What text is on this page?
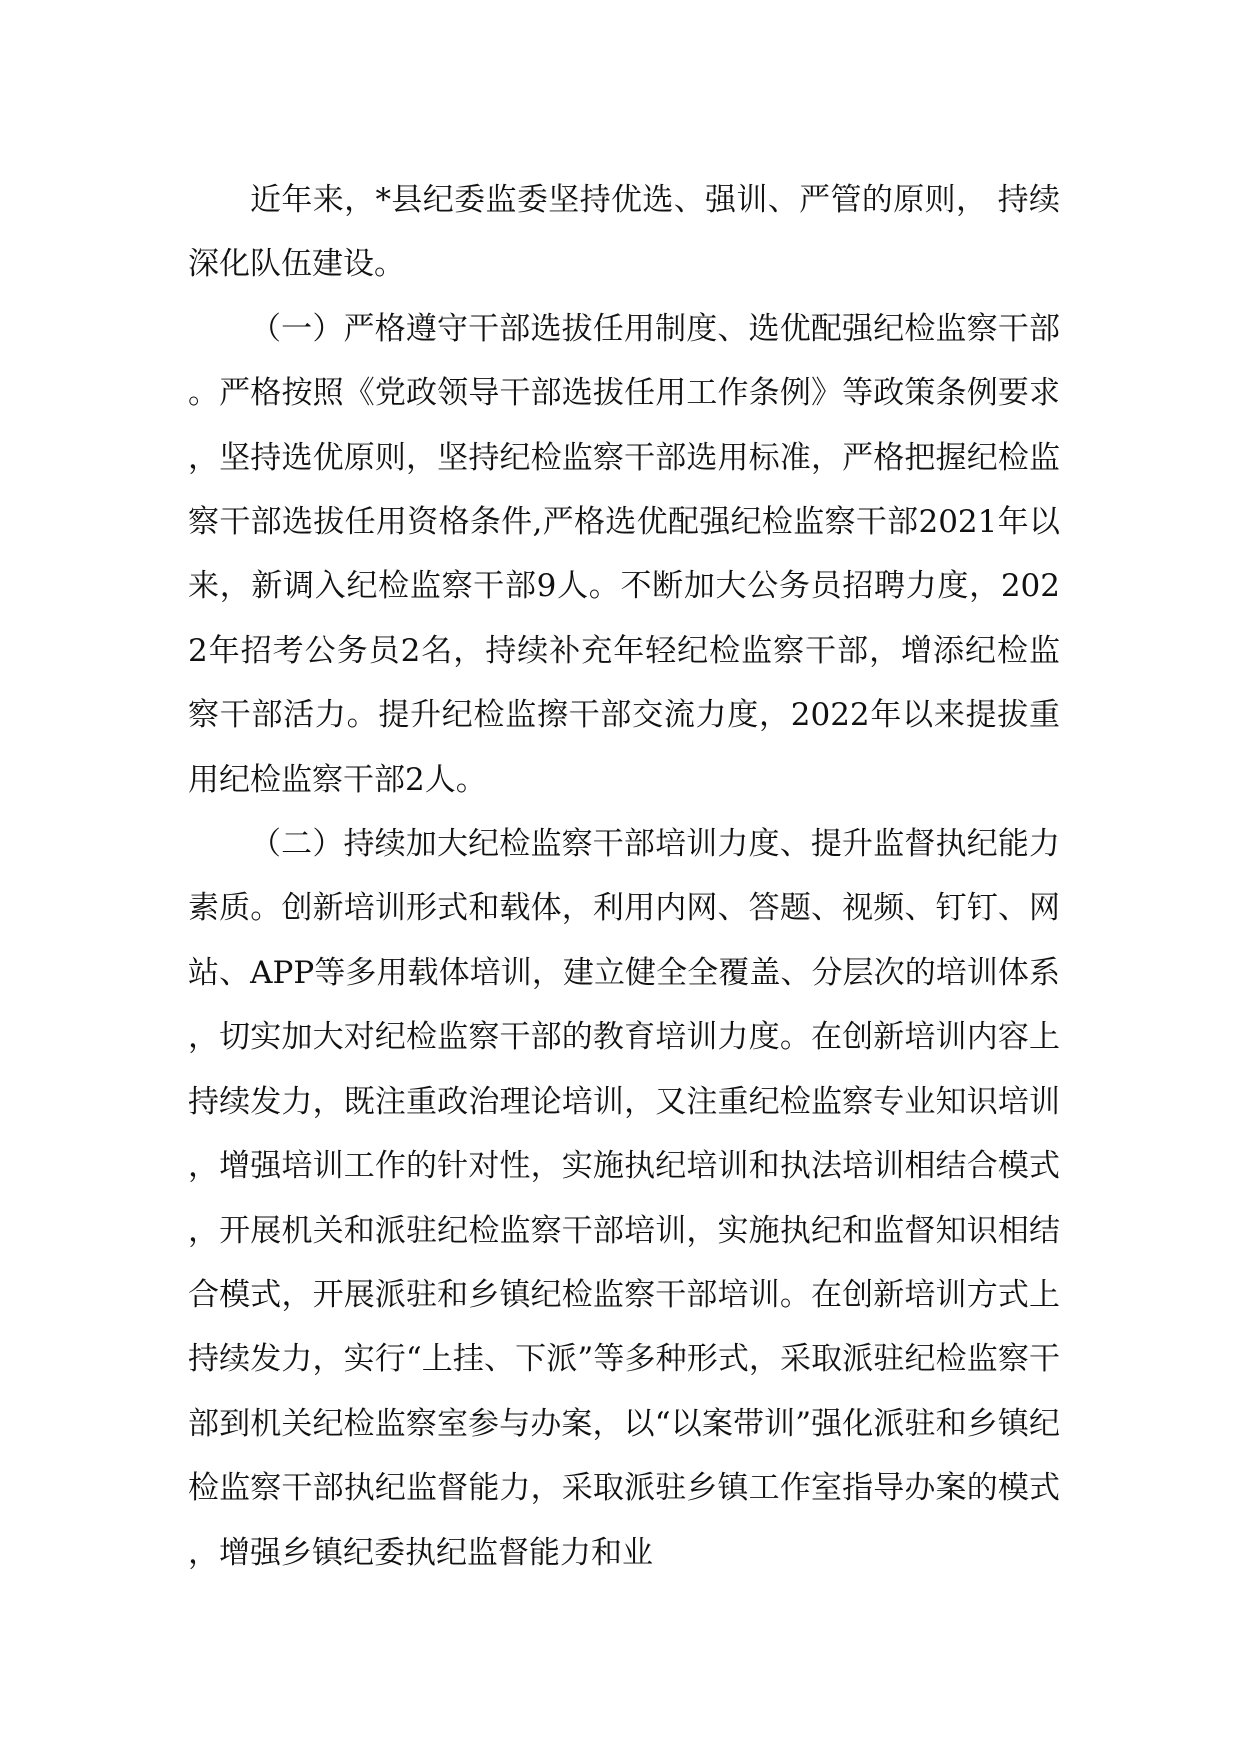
近年来，*县纪委监委坚持优选、强训、严管的原则， 持续深化队伍建设。

（一）严格遵守干部选拔任用制度、选优配强纪检监察干部。严格按照《党政领导干部选拔任用工作条例》等政策条例要求，坚持选优原则，坚持纪检监察干部选用标准，严格把握纪检监察干部选拔任用资格条件,严格选优配强纪检监察干部2021年以来，新调入纪检监察干部9人。不断加大公务员招聘力度，2022年招考公务员2名，持续补充年轻纪检监察干部，增添纪检监察干部活力。提升纪检监擦干部交流力度，2022年以来提拔重用纪检监察干部2人。

（二）持续加大纪检监察干部培训力度、提升监督执纪能力素质。创新培训形式和载体，利用内网、答题、视频、钉钉、网站、APP等多用载体培训，建立健全全覆盖、分层次的培训体系，切实加大对纪检监察干部的教育培训力度。在创新培训内容上持续发力，既注重政治理论培训，又注重纪检监察专业知识培训，增强培训工作的针对性，实施执纪培训和执法培训相结合模式，开展机关和派驻纪检监察干部培训，实施执纪和监督知识相结合模式，开展派驻和乡镇纪检监察干部培训。在创新培训方式上持续发力，实行“上挂、下派”等多种形式，采取派驻纪检监察干部到机关纪检监察室参与办案，以“以案带训”强化派驻和乡镇纪检监察干部执纪监督能力，采取派驻乡镇工作室指导办案的模式，增强乡镇纪委执纪监督能力和业
